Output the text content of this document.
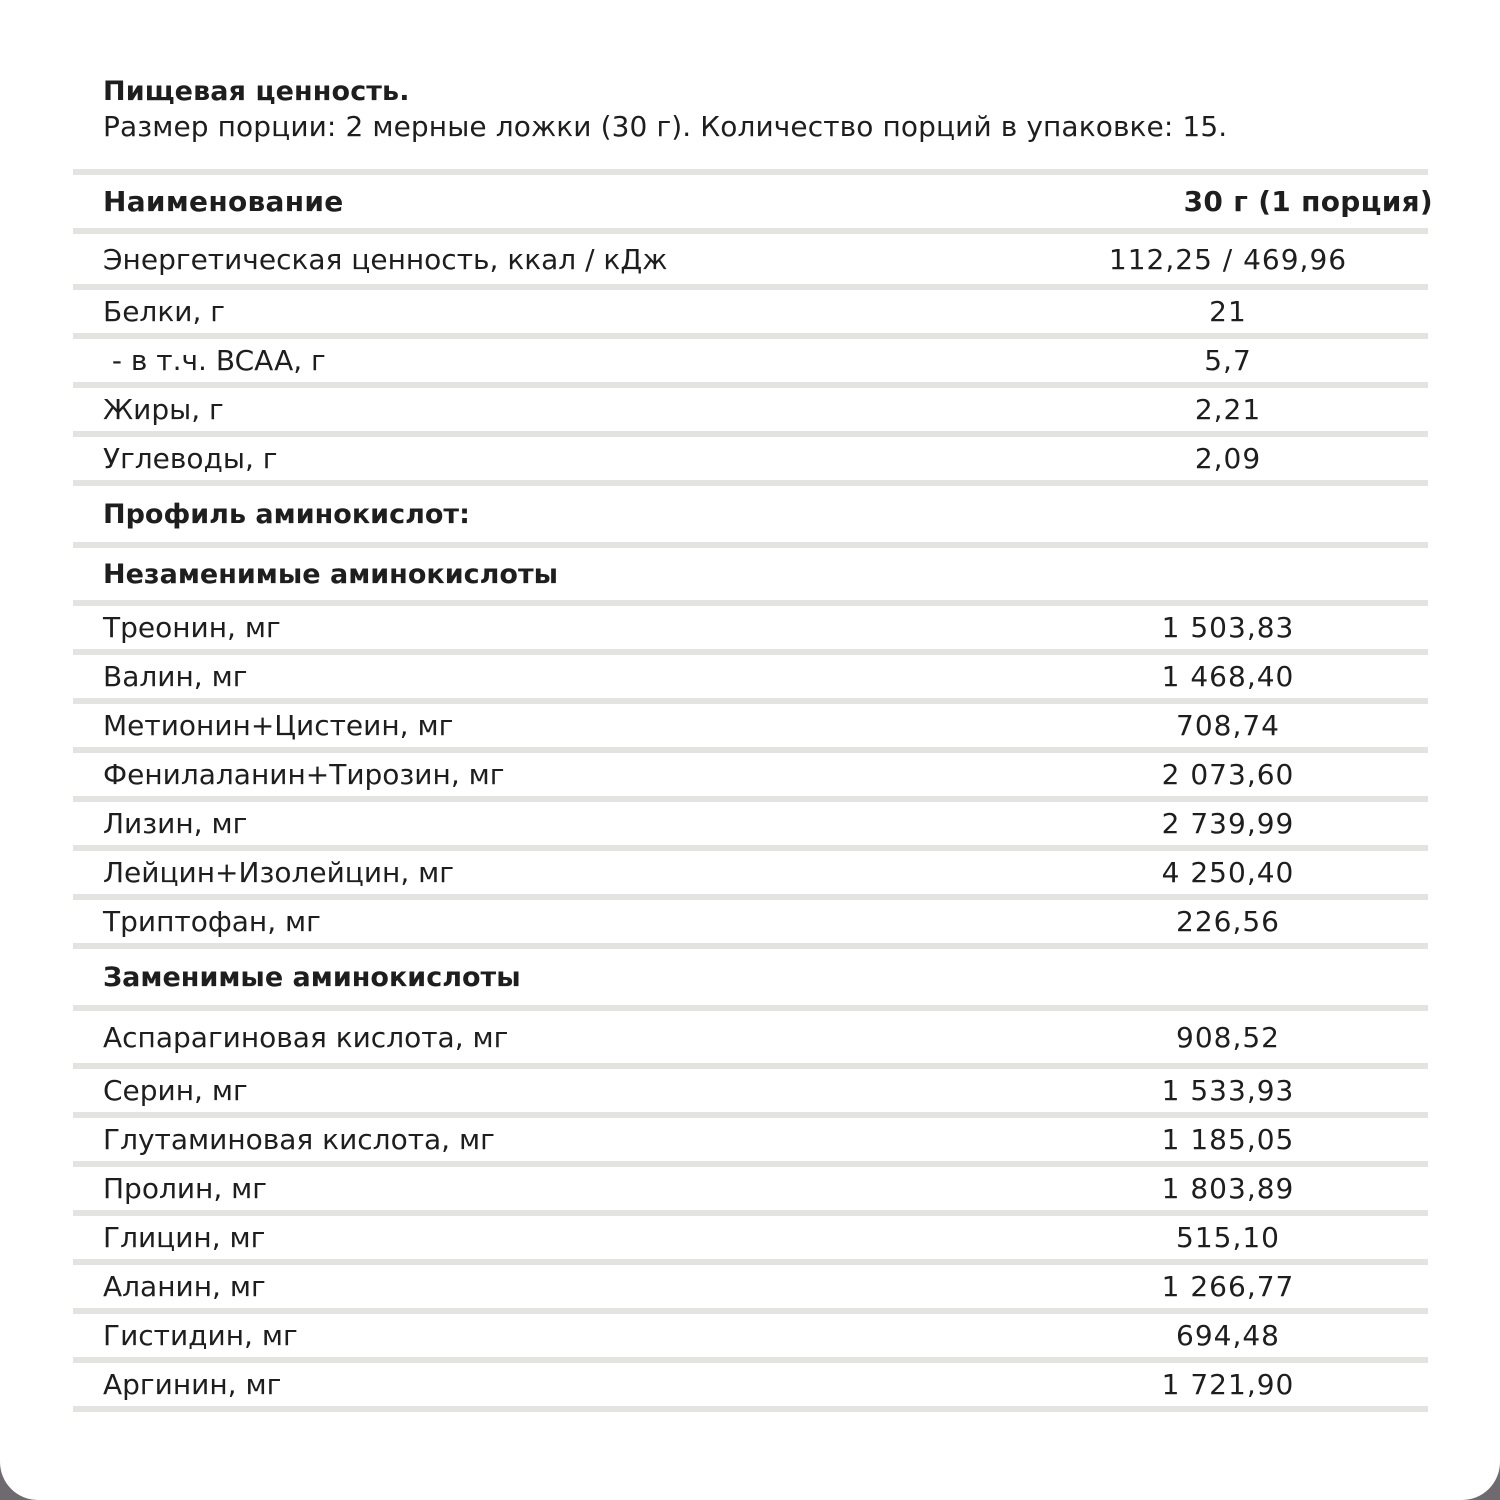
Пищевая ценность.
Размер порции: 2 мерные ложки (30 г). Количество порций в упаковке: 15.
Наименование	30 г (1 порция)
Энергетическая ценность, ккал / кДж	112,25 / 469,96
Белки, г	21
- в т.ч. BCAA, г	5,7
Жиры, г	2,21
Углеводы, г	2,09
Профиль аминокислот:
Незаменимые аминокислоты
Треонин, мг	1 503,83
Валин, мг	1 468,40
Метионин+Цистеин, мг	708,74
Фенилаланин+Тирозин, мг	2 073,60
Лизин, мг	2 739,99
Лейцин+Изолейцин, мг	4 250,40
Триптофан, мг	226,56
Заменимые аминокислоты
Аспарагиновая кислота, мг	908,52
Серин, мг	1 533,93
Глутаминовая кислота, мг	1 185,05
Пролин, мг	1 803,89
Глицин, мг	515,10
Аланин, мг	1 266,77
Гистидин, мг	694,48
Аргинин, мг	1 721,90
